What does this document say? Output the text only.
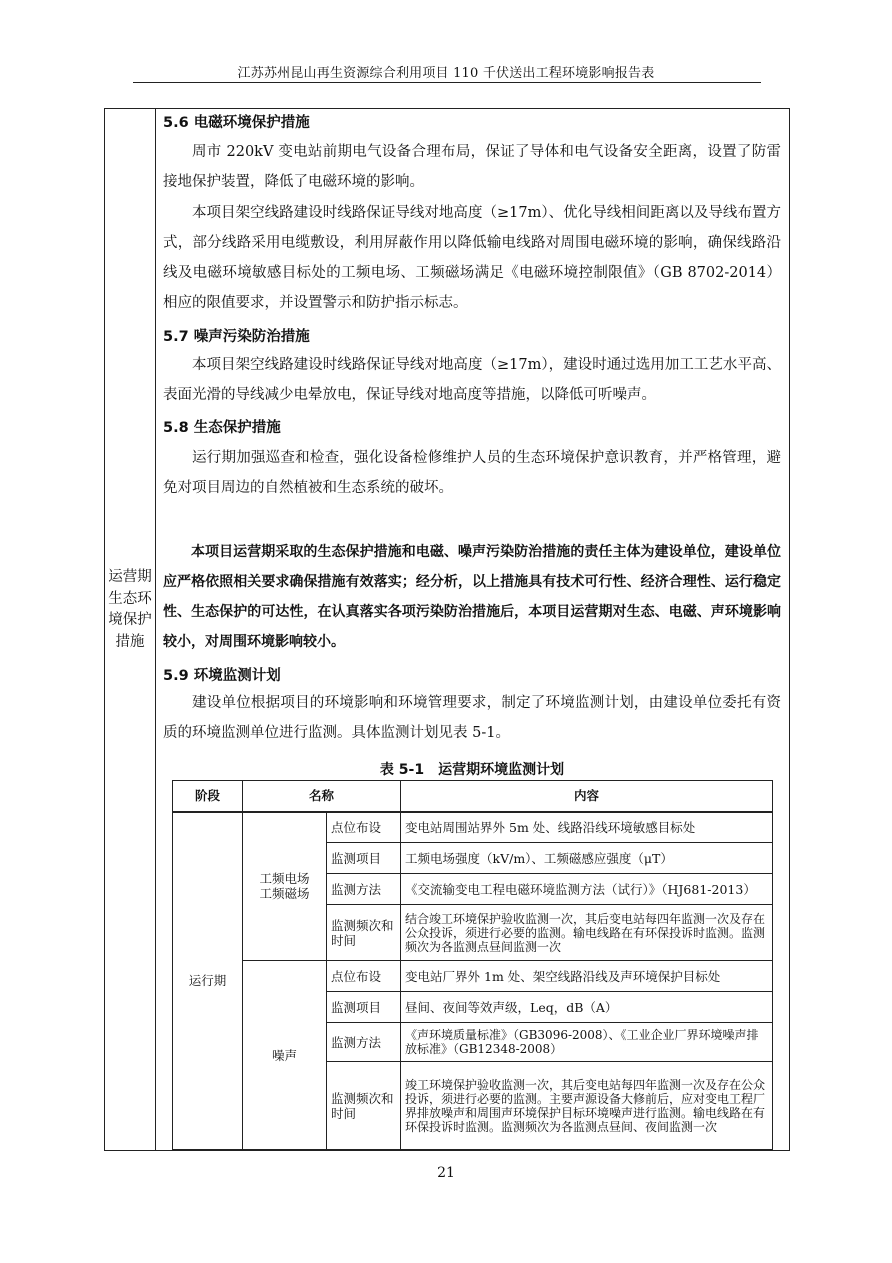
江苏苏州昆山再生资源综合利用项目 110 千伏送出工程环境影响报告表
运营期生态环境保护措施
5.6 电磁环境保护措施
周市 220kV 变电站前期电气设备合理布局，保证了导体和电气设备安全距离，设置了防雷接地保护装置，降低了电磁环境的影响。
本项目架空线路建设时线路保证导线对地高度（≥17m）、优化导线相间距离以及导线布置方式，部分线路采用电缆敷设，利用屏蔽作用以降低输电线路对周围电磁环境的影响，确保线路沿线及电磁环境敏感目标处的工频电场、工频磁场满足《电磁环境控制限值》（GB 8702-2014）相应的限值要求，并设置警示和防护指示标志。
5.7 噪声污染防治措施
本项目架空线路建设时线路保证导线对地高度（≥17m），建设时通过选用加工工艺水平高、表面光滑的导线减少电晕放电，保证导线对地高度等措施，以降低可听噪声。
5.8 生态保护措施
运行期加强巡查和检查，强化设备检修维护人员的生态环境保护意识教育，并严格管理，避免对项目周边的自然植被和生态系统的破坏。
本项目运营期采取的生态保护措施和电磁、噪声污染防治措施的责任主体为建设单位，建设单位应严格依照相关要求确保措施有效落实；经分析，以上措施具有技术可行性、经济合理性、运行稳定性、生态保护的可达性，在认真落实各项污染防治措施后，本项目运营期对生态、电磁、声环境影响较小，对周围环境影响较小。
5.9 环境监测计划
建设单位根据项目的环境影响和环境管理要求，制定了环境监测计划，由建设单位委托有资质的环境监测单位进行监测。具体监测计划见表 5-1。
表 5-1　运营期环境监测计划
阶段	名称		内容
运行期	工频电场工频磁场	点位布设	变电站周围站界外 5m 处、线路沿线环境敏感目标处
		监测项目	工频电场强度（kV/m）、工频磁感应强度（μT）
		监测方法	《交流输变电工程电磁环境监测方法（试行）》（HJ681-2013）
		监测频次和时间	结合竣工环境保护验收监测一次，其后变电站每四年监测一次及存在公众投诉，须进行必要的监测。输电线路在有环保投诉时监测。监测频次为各监测点昼间监测一次
	噪声	点位布设	变电站厂界外 1m 处、架空线路沿线及声环境保护目标处
		监测项目	昼间、夜间等效声级，Leq，dB（A）
		监测方法	《声环境质量标准》（GB3096-2008）、《工业企业厂界环境噪声排放标准》（GB12348-2008）
		监测频次和时间	竣工环境保护验收监测一次，其后变电站每四年监测一次及存在公众投诉，须进行必要的监测。主要声源设备大修前后，应对变电工程厂界排放噪声和周围声环境保护目标环境噪声进行监测。输电线路在有环保投诉时监测。监测频次为各监测点昼间、夜间监测一次
21
